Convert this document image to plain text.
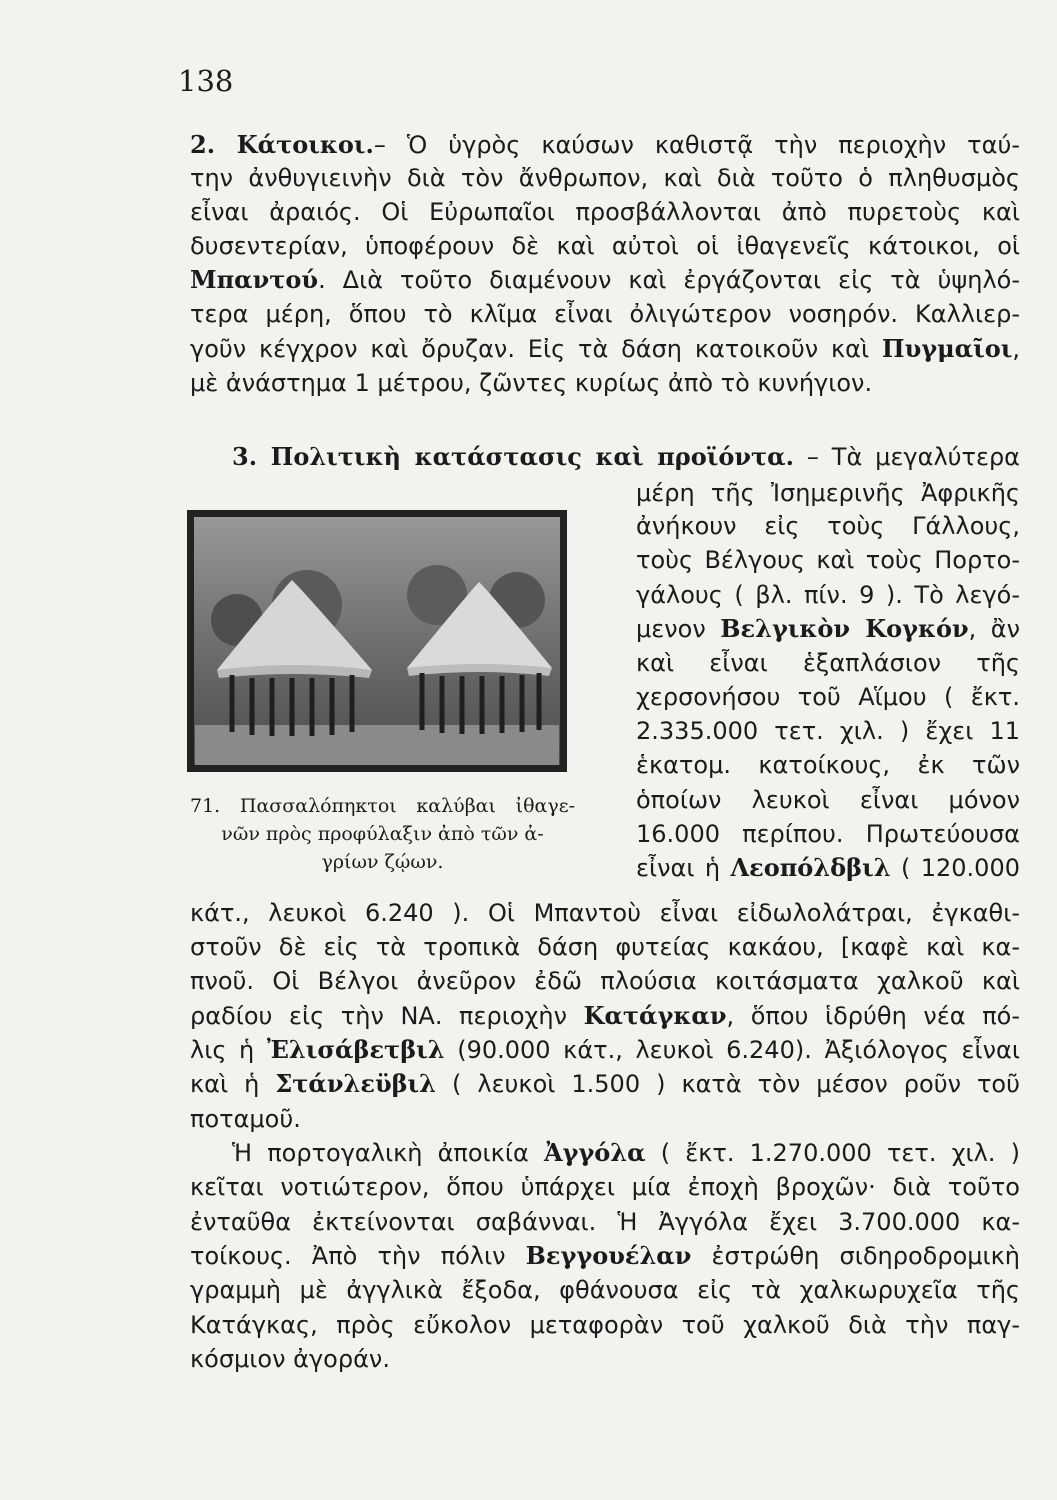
138
2. Κάτοικοι.– Ὁ ὑγρὸς καύσων καθιστᾷ τὴν περιοχὴν ταύ-
την ἀνθυγιεινὴν διὰ τὸν ἄνθρωπον, καὶ διὰ τοῦτο ὁ πληθυσμὸς
εἶναι ἀραιός. Οἱ Εὐρωπαῖοι προσβάλλονται ἀπὸ πυρετοὺς καὶ
δυσεντερίαν, ὑποφέρουν δὲ καὶ αὐτοὶ οἱ ἰθαγενεῖς κάτοικοι, οἱ
Μπαντού. Διὰ τοῦτο διαμένουν καὶ ἐργάζονται εἰς τὰ ὑψηλό-
τερα μέρη, ὅπου τὸ κλῖμα εἶναι ὀλιγώτερον νοσηρόν. Καλλιερ-
γοῦν κέγχρον καὶ ὄρυζαν. Εἰς τὰ δάση κατοικοῦν καὶ Πυγμαῖοι,
μὲ ἀνάστημα 1 μέτρου, ζῶντες κυρίως ἀπὸ τὸ κυνήγιον.
3. Πολιτικὴ κατάστασις καὶ προϊόντα. – Τὰ μεγαλύτερα
71. Πασσαλόπηκτοι καλύβαι ἰθαγε-
νῶν πρὸς προφύλαξιν ἀπὸ τῶν ἀ-
γρίων ζῴων.
μέρη τῆς Ἰσημερινῆς Ἀφρικῆς
ἀνήκουν εἰς τοὺς Γάλλους,
τοὺς Βέλγους καὶ τοὺς Πορτο-
γάλους ( βλ. πίν. 9 ). Τὸ λεγό-
μενον Βελγικὸν Κογκόν, ἂν
καὶ εἶναι ἑξαπλάσιον τῆς
χερσονήσου τοῦ Αἵμου ( ἔκτ.
2.335.000 τετ. χιλ. ) ἔχει 11
ἑκατομ. κατοίκους, ἐκ τῶν
ὁποίων λευκοὶ εἶναι μόνον
16.000 περίπου. Πρωτεύουσα
εἶναι ἡ Λεοπόλδβιλ ( 120.000
κάτ., λευκοὶ 6.240 ). Οἱ Μπαντοὺ εἶναι εἰδωλολάτραι, ἐγκαθι-
στοῦν δὲ εἰς τὰ τροπικὰ δάση φυτείας κακάου, [καφὲ καὶ κα-
πνοῦ. Οἱ Βέλγοι ἀνεῦρον ἐδῶ πλούσια κοιτάσματα χαλκοῦ καὶ
ραδίου εἰς τὴν ΝΑ. περιοχὴν Κατάγκαν, ὅπου ἱδρύθη νέα πό-
λις ἡ Ἐλισάβετβιλ (90.000 κάτ., λευκοὶ 6.240). Ἀξιόλογος εἶναι
καὶ ἡ Στάνλεϋβιλ ( λευκοὶ 1.500 ) κατὰ τὸν μέσον ροῦν τοῦ
ποταμοῦ.
Ἡ πορτογαλικὴ ἀποικία Ἀγγόλα ( ἔκτ. 1.270.000 τετ. χιλ. )
κεῖται νοτιώτερον, ὅπου ὑπάρχει μία ἐποχὴ βροχῶν· διὰ τοῦτο
ἐνταῦθα ἐκτείνονται σαβάνναι. Ἡ Ἀγγόλα ἔχει 3.700.000 κα-
τοίκους. Ἀπὸ τὴν πόλιν Βεγγουέλαν ἐστρώθη σιδηροδρομικὴ
γραμμὴ μὲ ἀγγλικὰ ἔξοδα, φθάνουσα εἰς τὰ χαλκωρυχεῖα τῆς
Κατάγκας, πρὸς εὔκολον μεταφορὰν τοῦ χαλκοῦ διὰ τὴν παγ-
κόσμιον ἀγοράν.
